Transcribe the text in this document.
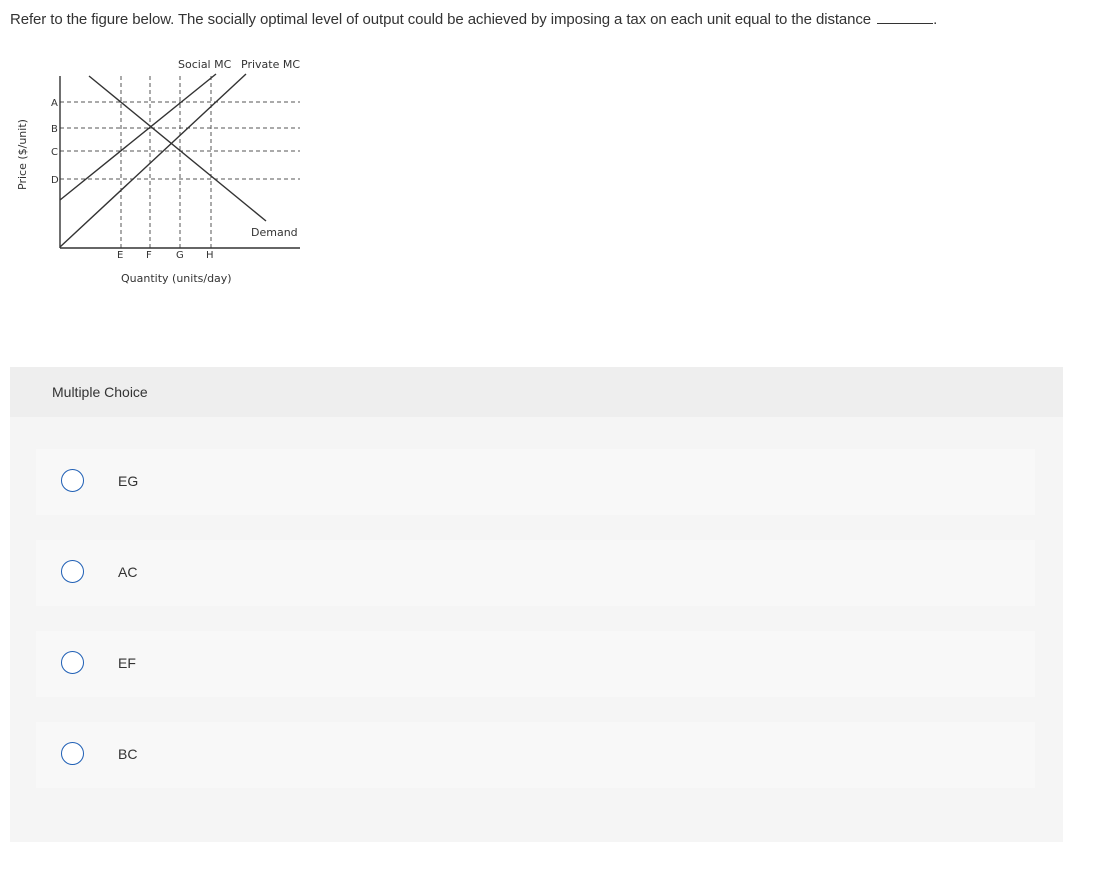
Refer to the figure below. The socially optimal level of output could be achieved by imposing a tax on each unit equal to the distance	.
Social MC Private MC
Demand
A
B
C
D
E F G H
Quantity (units/day)
Price ($/unit)
Multiple Choice
EG
AC
EF
BC
